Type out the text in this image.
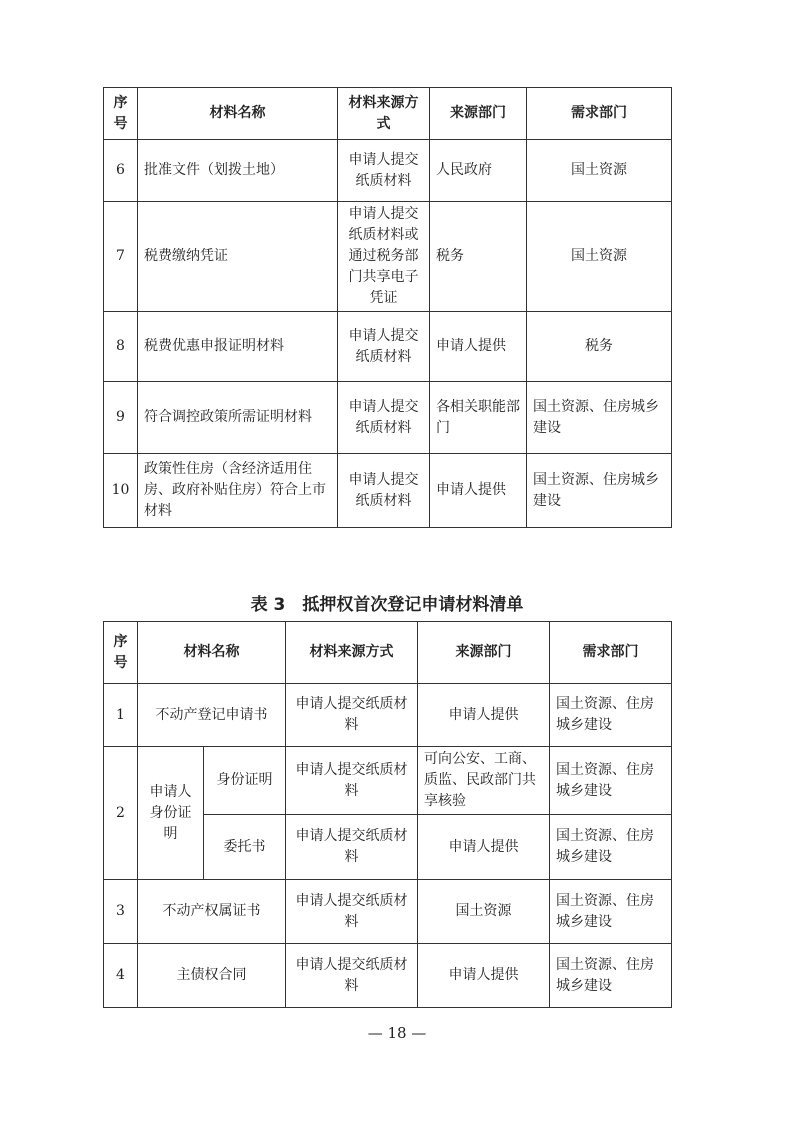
序号	材料名称	材料来源方式	来源部门	需求部门
6	批准文件（划拨土地）	申请人提交纸质材料	人民政府	国土资源
7	税费缴纳凭证	申请人提交纸质材料或通过税务部门共享电子凭证	税务	国土资源
8	税费优惠申报证明材料	申请人提交纸质材料	申请人提供	税务
9	符合调控政策所需证明材料	申请人提交纸质材料	各相关职能部门	国土资源、住房城乡建设
10	政策性住房（含经济适用住房、政府补贴住房）符合上市材料	申请人提交纸质材料	申请人提供	国土资源、住房城乡建设
表 3　抵押权首次登记申请材料清单
序号	材料名称		材料来源方式	来源部门	需求部门
1	不动产登记申请书		申请人提交纸质材料	申请人提供	国土资源、住房城乡建设
2	申请人身份证明	身份证明	申请人提交纸质材料	可向公安、工商、质监、民政部门共享核验	国土资源、住房城乡建设
		委托书	申请人提交纸质材料	申请人提供	国土资源、住房城乡建设
3	不动产权属证书		申请人提交纸质材料	国土资源	国土资源、住房城乡建设
4	主债权合同		申请人提交纸质材料	申请人提供	国土资源、住房城乡建设
— 18 —
